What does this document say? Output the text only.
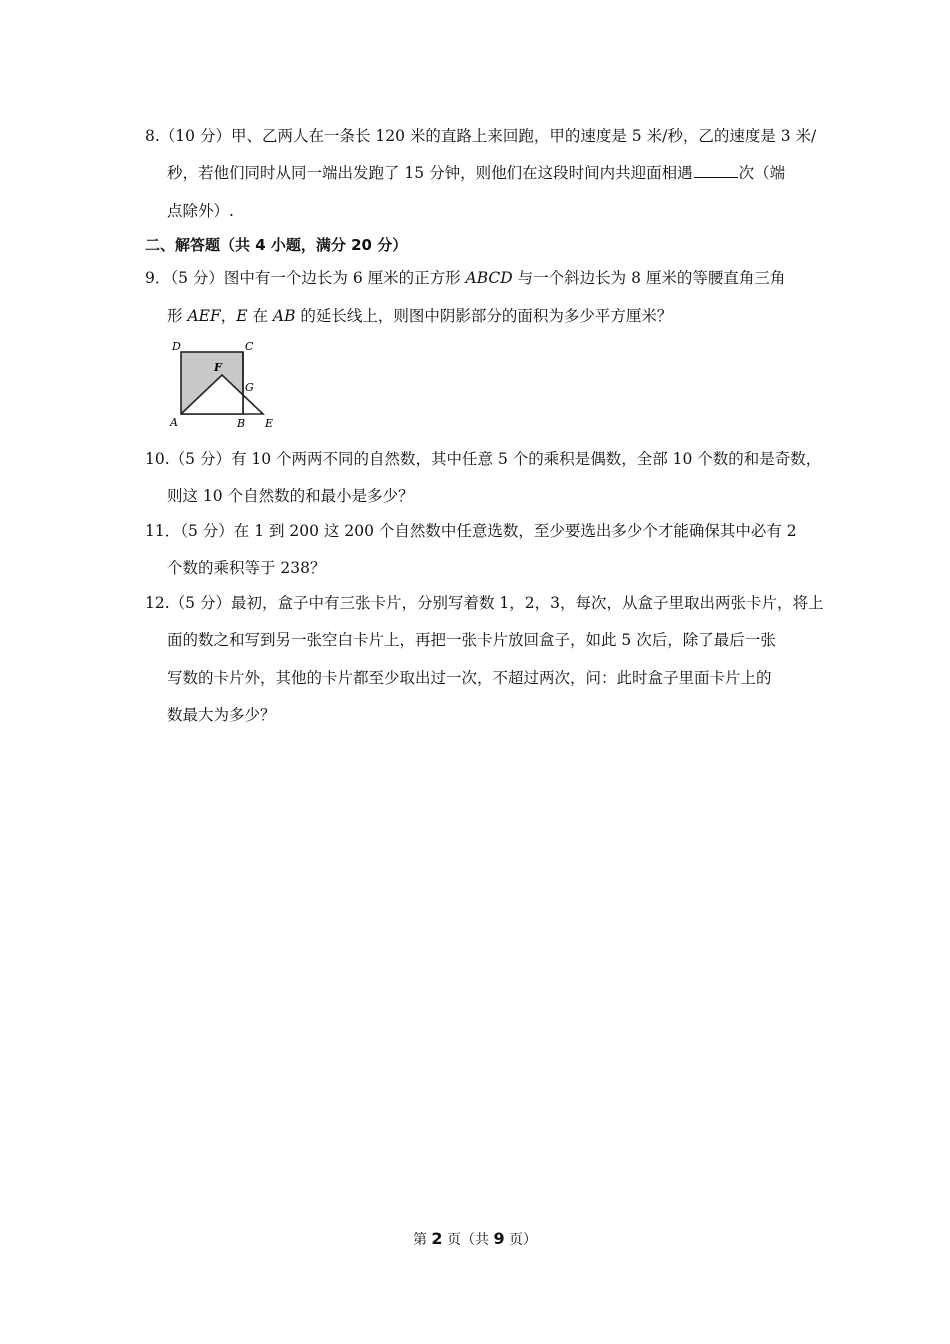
8.（10 分）甲、乙两人在一条长 120 米的直路上来回跑，甲的速度是 5 米/秒，乙的速度是 3 米/
秒，若他们同时从同一端出发跑了 15 分钟，则他们在这段时间内共迎面相遇	次（端
点除外）.
二、解答题（共 4 小题，满分 20 分）
9．（5 分）图中有一个边长为 6 厘米的正方形 ABCD 与一个斜边长为 8 厘米的等腰直角三角
形 AEF，E 在 AB 的延长线上，则图中阴影部分的面积为多少平方厘米？
D	C
F
G
A	B E
10.（5 分）有 10 个两两不同的自然数，其中任意 5 个的乘积是偶数，全部 10 个数的和是奇数，
则这 10 个自然数的和最小是多少？
11．（5 分）在 1 到 200 这 200 个自然数中任意选数，至少要选出多少个才能确保其中必有 2
个数的乘积等于 238？
12.（5 分）最初，盒子中有三张卡片，分别写着数 1，2，3，每次，从盒子里取出两张卡片，将上
面的数之和写到另一张空白卡片上，再把一张卡片放回盒子，如此 5 次后，除了最后一张
写数的卡片外，其他的卡片都至少取出过一次，不超过两次，问：此时盒子里面卡片上的
数最大为多少？
第 2 页（共 9 页）
